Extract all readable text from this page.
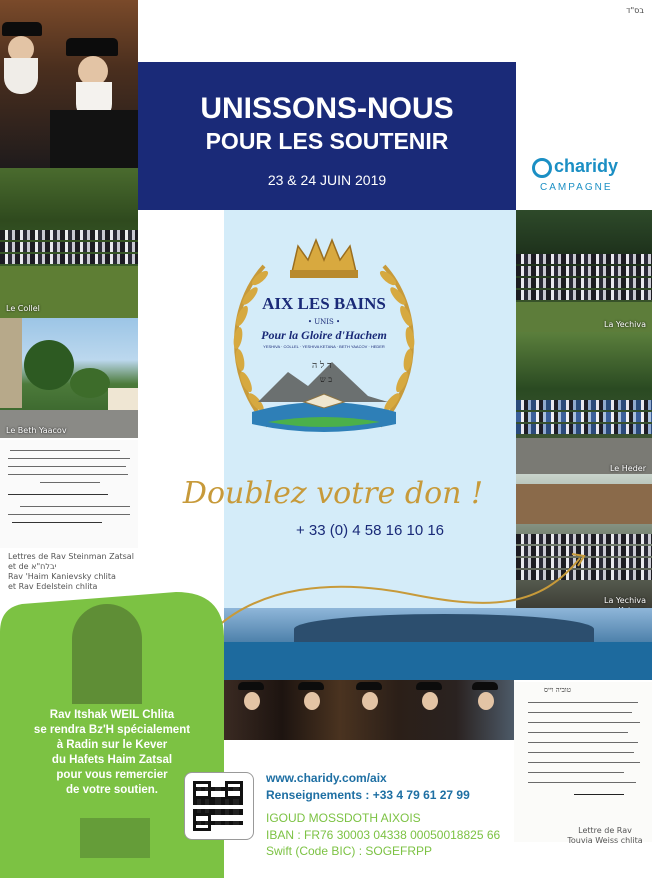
בס"ד
Le Collel
Le Beth Yaacov
Lettres de Rav Steinman Zatsal
et de יבלח"א
Rav 'Haim Kanievsky chlita
et Rav Edelstein chlita
UNISSONS-NOUS
POUR LES SOUTENIR
23 & 24 JUIN 2019
charidy
CAMPAGNE
ד ל ה
ב ש
AIX LES BAINS
• UNIS •
Pour la Gloire d'Hachem
YESHIVA · COLLEL · YESHIVA KETANA · BETH YAACOV · HEDER
Doublez votre don !
+ 33 (0) 4 58 16 10 16
La Yechiva
Le Heder
La Yechiva
טוביה וייס
Lettre de Rav
Touvia Weiss chlita
Rav Itshak WEIL Chlita
se rendra Bz'H spécialement
à Radin sur le Kever
du Hafets Haim Zatsal
pour vous remercier
de votre soutien.
www.charidy.com/aix
Renseignements : +33 4 79 61 27 99
IGOUD MOSSDOTH AIXOIS
IBAN : FR76 30003 04338 00050018825 66
Swift (Code BIC) : SOGEFRPP
